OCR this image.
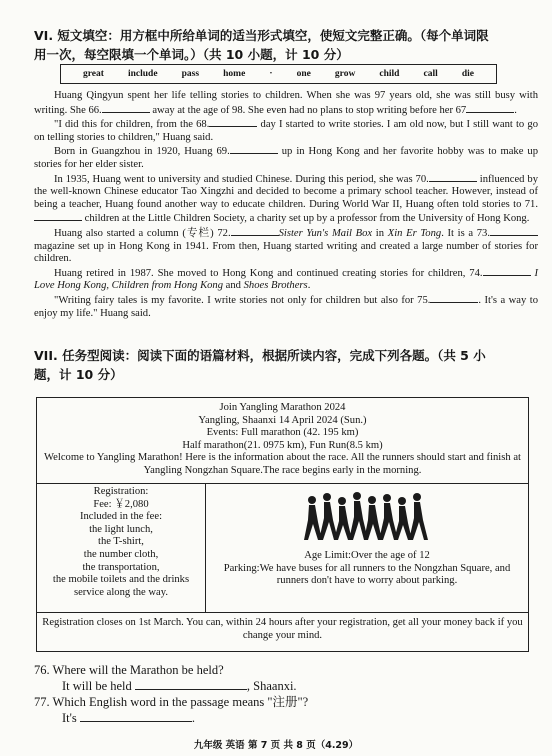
VI. 短文填空：用方框中所给单词的适当形式填空，使短文完整正确。（每个单词限
用一次，每空限填一个单词。）（共 10 小题，计 10 分）
great	include	pass	home	·	one	grow	child	call	die

Huang Qingyun spent her life telling stories to children. When she was 97 years old, she was still busy with writing. She 66.	away at the age of 98. She even had no plans to stop writing before her 67	.

"I did this for children, from the 68.	day I started to write stories. I am old now, but I still want to go on telling stories to children," Huang said.

Born in Guangzhou in 1920, Huang 69.	up in Hong Kong and her favorite hobby was to make up stories for her elder sister.

In 1935, Huang went to university and studied Chinese. During this period, she was 70.	influenced by the well-known Chinese educator Tao Xingzhi and decided to become a primary school teacher. However, instead of being a teacher, Huang found another way to educate children. During World War II, Huang often told stories to 71. children at the Little Children Society, a charity set up by a professor from the University of Hong Kong.

Huang also started a column (专栏) 72.	Sister Yun's Mail Box in Xin Er Tong. It is a 73. magazine set up in Hong Kong in 1941. From then, Huang started writing and created a large number of stories for children.

Huang retired in 1987. She moved to Hong Kong and continued creating stories for children, 74.	I Love Hong Kong, Children from Hong Kong and Shoes Brothers.

"Writing fairy tales is my favorite. I write stories not only for children but also for 75.	. It's a way to enjoy my life." Huang said.

VII. 任务型阅读：阅读下面的语篇材料，根据所读内容，完成下列各题。（共 5 小
题，计 10 分）
Join Yangling Marathon 2024
Yangling, Shaanxi 14 April 2024 (Sun.)
Events: Full marathon (42. 195 km)
Half marathon(21. 0975 km), Fun Run(8.5 km)
Welcome to Yangling Marathon! Here is the information about the race. All the runners should start and finish at Yangling Nongzhan Square.The race begins early in the morning.
Registration:
Fee: ￥2,080
Included in the fee:
the light lunch,
the T-shirt,
the number cloth,
the transportation,
the mobile toilets and the drinks
service along the way.
Age Limit:Over the age of 12
Parking:We have buses for all runners to the Nongzhan Square, and runners don't have to worry about parking.
Registration closes on 1st March. You can, within 24 hours after your registration, get all your money back if you change your mind.
76. Where will the Marathon be held?
It will be held	, Shaanxi.
77. Which English word in the passage means "注册"?
It's	.
九年级 英语 第 7 页 共 8 页（4.29）
